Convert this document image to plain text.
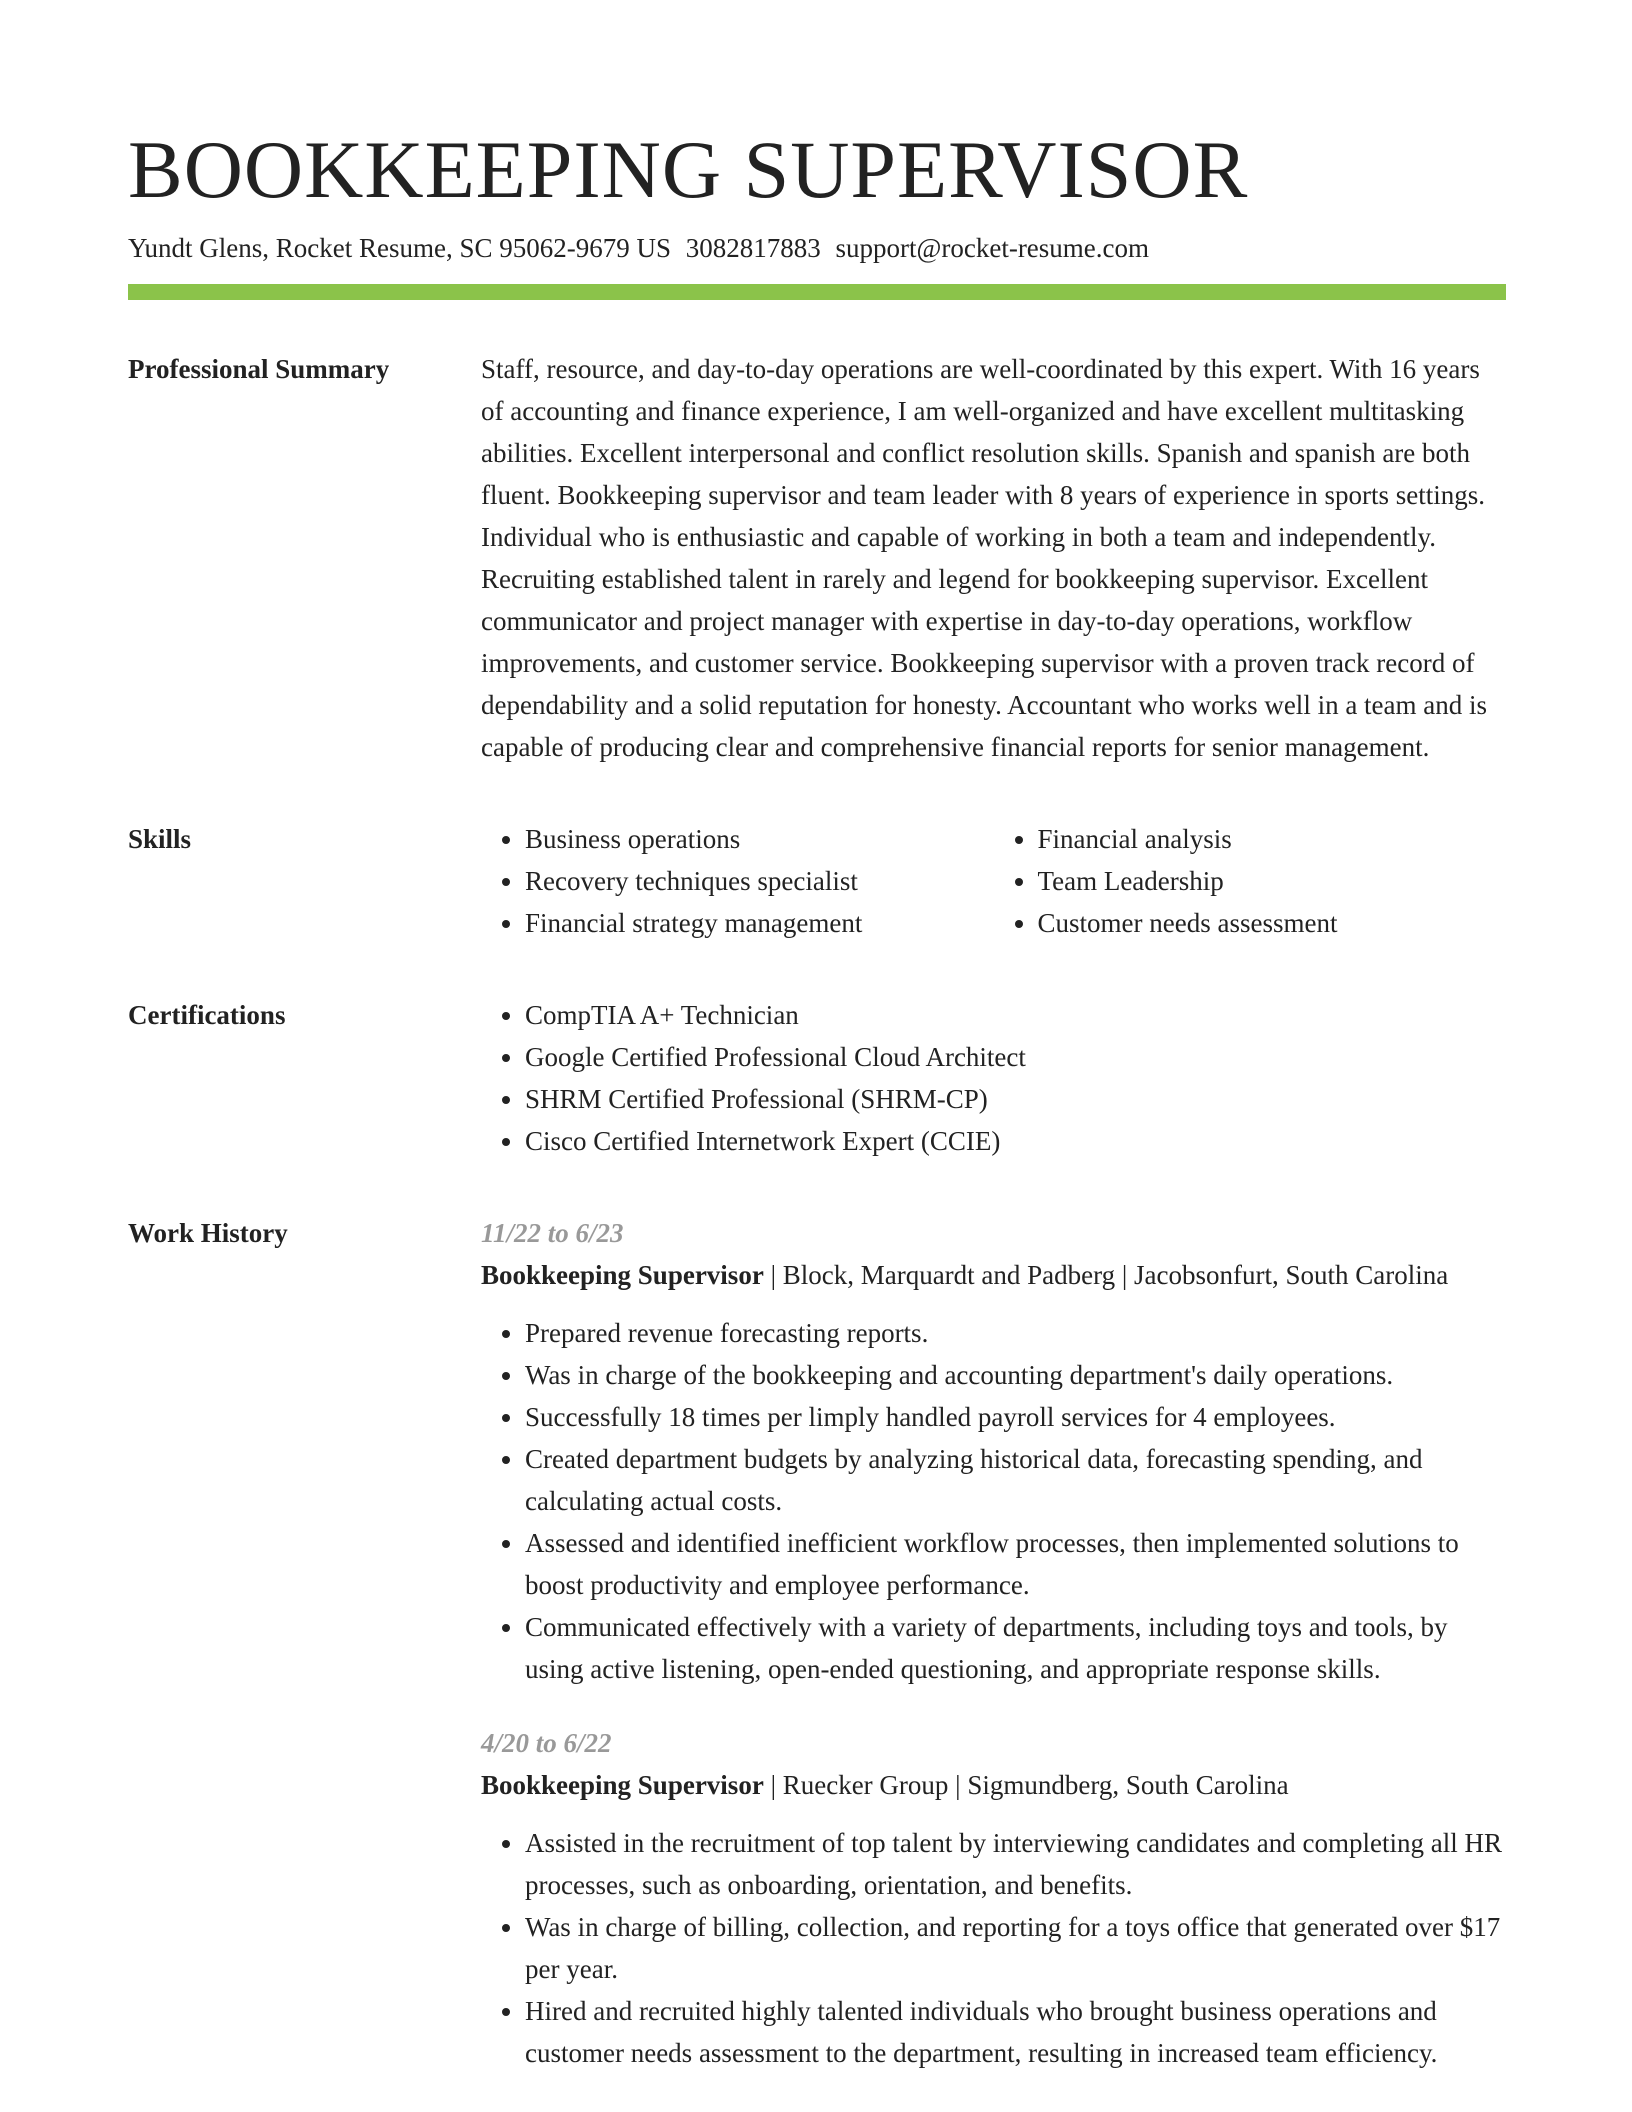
BOOKKEEPING SUPERVISOR
Yundt Glens, Rocket Resume, SC 95062-9679 US 3082817883 support@rocket-resume.com
Professional Summary	Staff, resource, and day-to-day operations are well-coordinated by this expert. With 16 years of accounting and finance experience, I am well-organized and have excellent multitasking abilities. Excellent interpersonal and conflict resolution skills. Spanish and spanish are both fluent. Bookkeeping supervisor and team leader with 8 years of experience in sports settings. Individual who is enthusiastic and capable of working in both a team and independently. Recruiting established talent in rarely and legend for bookkeeping supervisor. Excellent communicator and project manager with expertise in day-to-day operations, workflow improvements, and customer service. Bookkeeping supervisor with a proven track record of dependability and a solid reputation for honesty. Accountant who works well in a team and is capable of producing clear and comprehensive financial reports for senior management.

Skills	• Business operations
• Recovery techniques specialist
• Financial strategy management
• Financial analysis
• Team Leadership
• Customer needs assessment
Certifications	• CompTIA A+ Technician
• Google Certified Professional Cloud Architect
• SHRM Certified Professional (SHRM-CP)
• Cisco Certified Internetwork Expert (CCIE)
Work History	11/22 to 6/23
Bookkeeping Supervisor | Block, Marquardt and Padberg | Jacobsonfurt, South Carolina
• Prepared revenue forecasting reports.
• Was in charge of the bookkeeping and accounting department's daily operations.
• Successfully 18 times per limply handled payroll services for 4 employees.
• Created department budgets by analyzing historical data, forecasting spending, and calculating actual costs.
• Assessed and identified inefficient workflow processes, then implemented solutions to boost productivity and employee performance.
• Communicated effectively with a variety of departments, including toys and tools, by using active listening, open-ended questioning, and appropriate response skills.
4/20 to 6/22
Bookkeeping Supervisor | Ruecker Group | Sigmundberg, South Carolina
• Assisted in the recruitment of top talent by interviewing candidates and completing all HR processes, such as onboarding, orientation, and benefits.
• Was in charge of billing, collection, and reporting for a toys office that generated over $17 per year.
• Hired and recruited highly talented individuals who brought business operations and customer needs assessment to the department, resulting in increased team efficiency.
